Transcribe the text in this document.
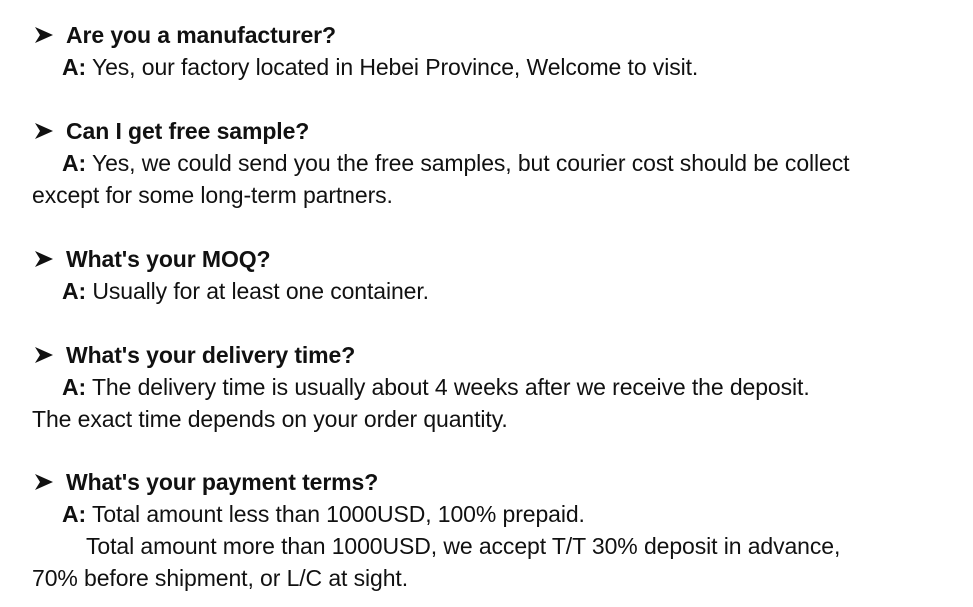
Are you a manufacturer?
A: Yes, our factory located in Hebei Province, Welcome to visit.
Can I get free sample?
A: Yes, we could send you the free samples, but courier cost should be collect
except for some long-term partners.
What's your MOQ?
A: Usually for at least one container.
What's your delivery time?
A: The delivery time is usually about 4 weeks after we receive the deposit.
The exact time depends on your order quantity.
What's your payment terms?
A: Total amount less than 1000USD, 100% prepaid.
Total amount more than 1000USD, we accept T/T 30% deposit in advance,
70% before shipment, or L/C at sight.
